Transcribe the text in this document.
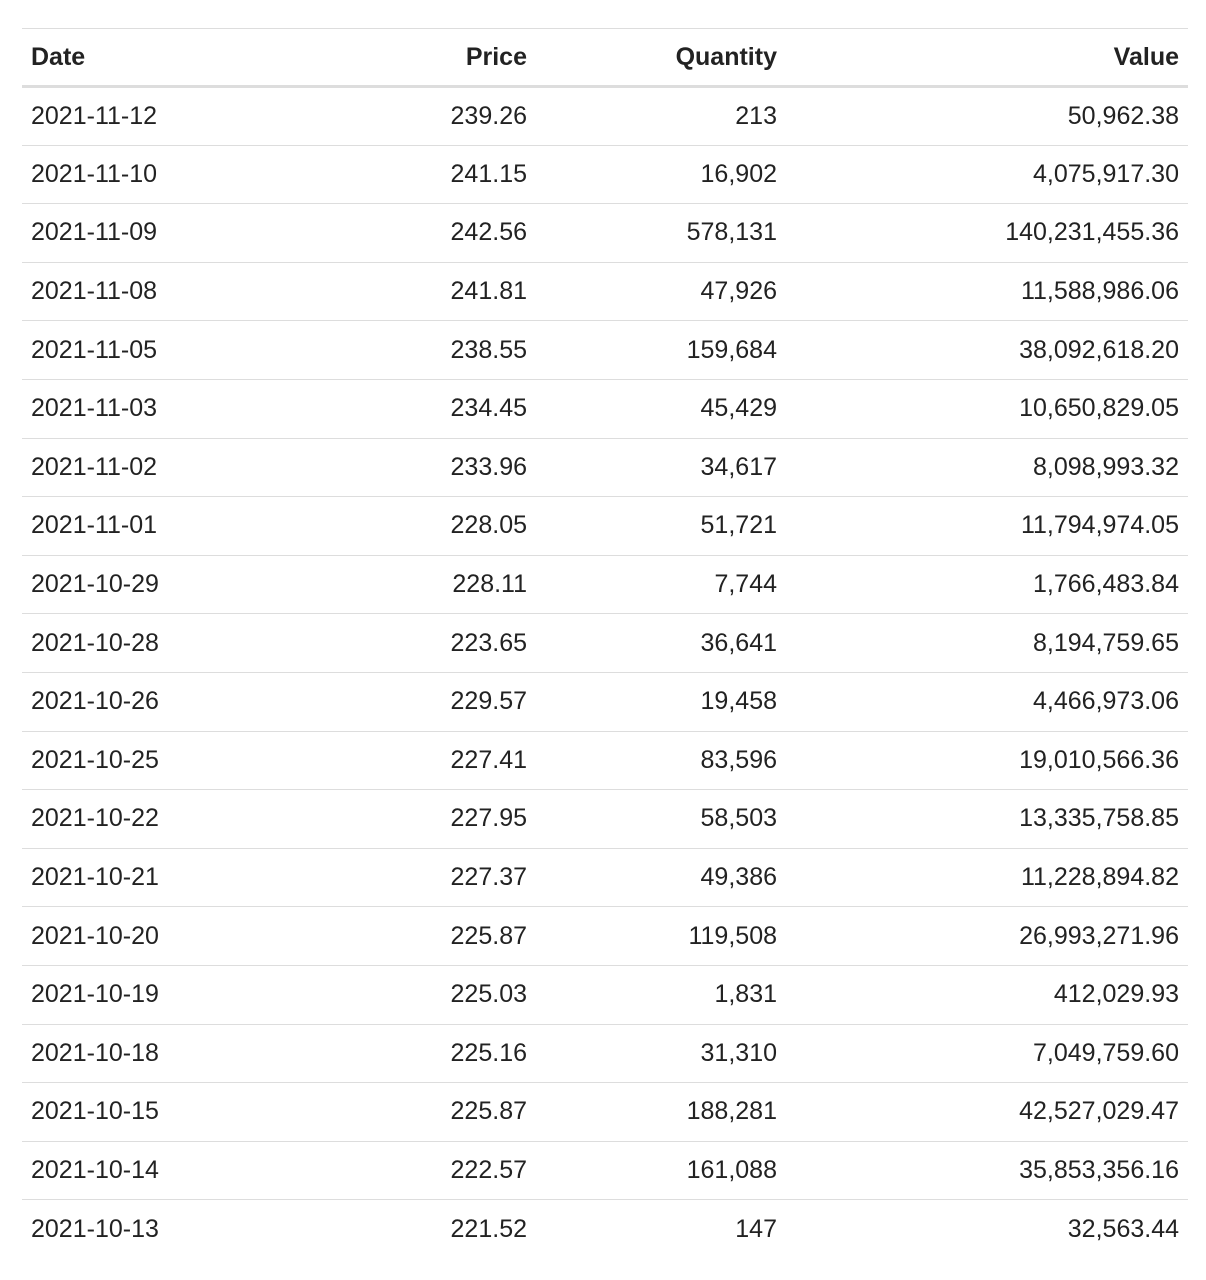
Date	Price	Quantity	Value
2021-11-12	239.26	213	50,962.38
2021-11-10	241.15	16,902	4,075,917.30
2021-11-09	242.56	578,131	140,231,455.36
2021-11-08	241.81	47,926	11,588,986.06
2021-11-05	238.55	159,684	38,092,618.20
2021-11-03	234.45	45,429	10,650,829.05
2021-11-02	233.96	34,617	8,098,993.32
2021-11-01	228.05	51,721	11,794,974.05
2021-10-29	228.11	7,744	1,766,483.84
2021-10-28	223.65	36,641	8,194,759.65
2021-10-26	229.57	19,458	4,466,973.06
2021-10-25	227.41	83,596	19,010,566.36
2021-10-22	227.95	58,503	13,335,758.85
2021-10-21	227.37	49,386	11,228,894.82
2021-10-20	225.87	119,508	26,993,271.96
2021-10-19	225.03	1,831	412,029.93
2021-10-18	225.16	31,310	7,049,759.60
2021-10-15	225.87	188,281	42,527,029.47
2021-10-14	222.57	161,088	35,853,356.16
2021-10-13	221.52	147	32,563.44
